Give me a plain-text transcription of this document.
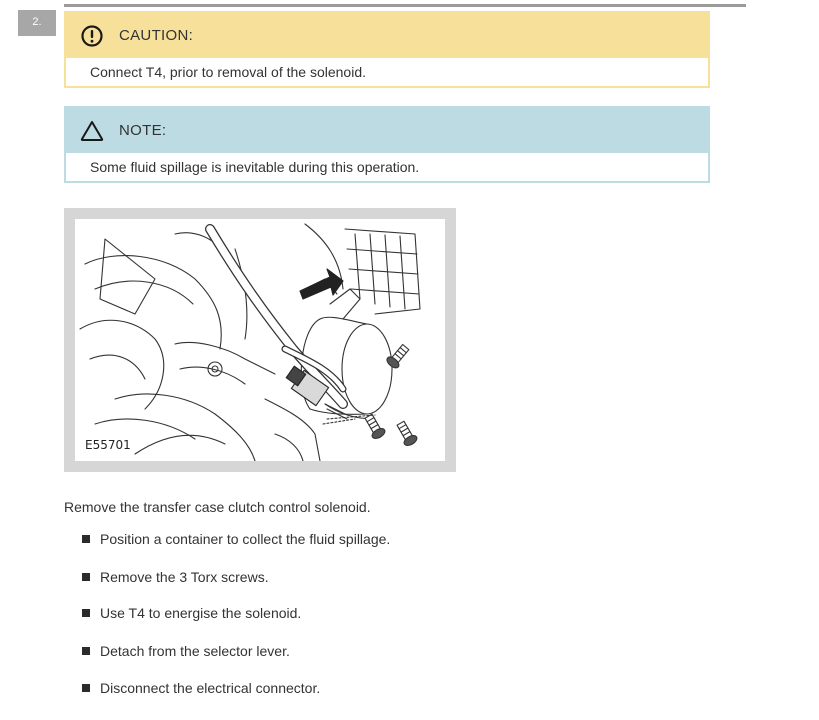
2.
CAUTION:
Connect T4, prior to removal of the solenoid.
NOTE:
Some fluid spillage is inevitable during this operation.
E55701
Remove the transfer case clutch control solenoid.
Position a container to collect the fluid spillage.
Remove the 3 Torx screws.
Use T4 to energise the solenoid.
Detach from the selector lever.
Disconnect the electrical connector.
